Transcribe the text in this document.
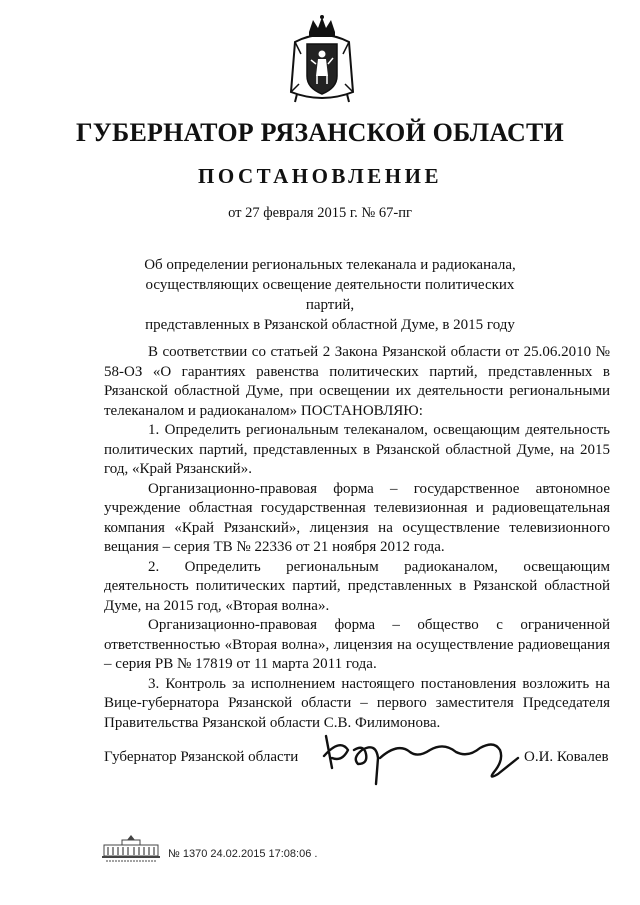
ГУБЕРНАТОР РЯЗАНСКОЙ ОБЛАСТИ
ПОСТАНОВЛЕНИЕ
от 27 февраля 2015 г. № 67-пг
Об определении региональных телеканала и радиоканала,
осуществляющих освещение деятельности политических партий,
представленных в Рязанской областной Думе, в 2015 году

В соответствии со статьей 2 Закона Рязанской области от 25.06.2010 № 58-ОЗ «О гарантиях равенства политических партий, представленных в Рязанской областной Думе, при освещении их деятельности региональными телеканалом и радиоканалом» ПОСТАНОВЛЯЮ:

1. Определить региональным телеканалом, освещающим деятельность политических партий, представленных в Рязанской областной Думе, на 2015 год, «Край Рязанский».

Организационно-правовая форма – государственное автономное учреждение областная государственная телевизионная и радиовещательная компания «Край Рязанский», лицензия на осуществление телевизионного вещания – серия ТВ № 22336 от 21 ноября 2012 года.

2. Определить региональным радиоканалом, освещающим деятельность политических партий, представленных в Рязанской областной Думе, на 2015 год, «Вторая волна».

Организационно-правовая форма – общество с ограниченной ответственностью «Вторая волна», лицензия на осуществление радиовещания – серия РВ № 17819 от 11 марта 2011 года.

3. Контроль за исполнением настоящего постановления возложить на Вице-губернатора Рязанской области – первого заместителя Председателя Правительства Рязанской области С.В. Филимонова.

Губернатор Рязанской области	О.И. Ковалев
№ 1370 24.02.2015 17:08:06 .
